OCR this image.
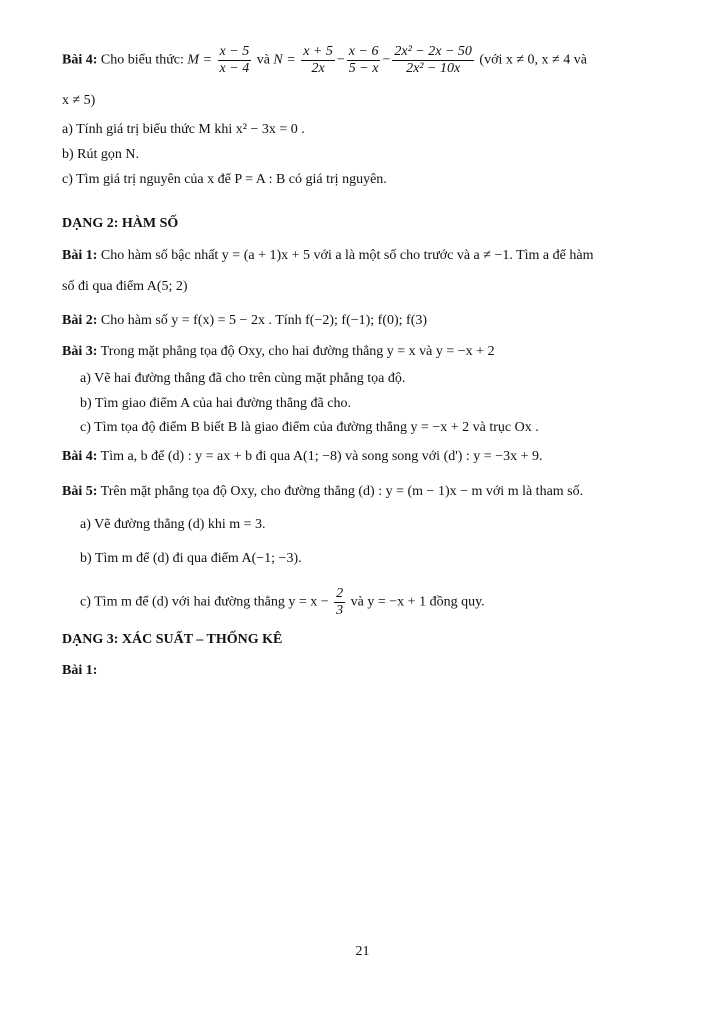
Bài 4: Cho biểu thức: $M = \frac{x - 5}{x - 4}$ và $N = \frac{x + 5}{2x} - \frac{x - 6}{5 - x} - \frac{\text{2x² − 2x − 50}}{\text{2x² − 10x}}$ (với x ≠ 0, x ≠ 4 và
x ≠ 5)
a) Tính giá trị biểu thức M khi x² − 3x = 0 .
b) Rút gọn N.
c) Tìm giá trị nguyên của x để P = A : B có giá trị nguyên.
DẠNG 2: HÀM SỐ
Bài 1: Cho hàm số bậc nhất y = (a + 1)x + 5 với a là một số cho trước và a ≠ −1. Tìm a để hàm
số đi qua điểm A(5; 2)
Bài 2: Cho hàm số y = f(x) = 5 − 2x . Tính f(−2); f(−1); f(0); f(3)
Bài 3: Trong mặt phẳng tọa độ Oxy, cho hai đường thẳng y = x và y = −x + 2
a) Vẽ hai đường thẳng đã cho trên cùng mặt phẳng tọa độ.
b) Tìm giao điểm A của hai đường thẳng đã cho.
c) Tìm tọa độ điểm B biết B là giao điểm của đường thẳng y = −x + 2 và trục Ox .
Bài 4: Tìm a, b để (d) : y = ax + b đi qua A(1; −8) và song song với (d') : y = −3x + 9.
Bài 5: Trên mặt phẳng tọa độ Oxy, cho đường thẳng (d) : y = (m − 1)x − m với m là tham số.
a) Vẽ đường thẳng (d) khi m = 3.
b) Tìm m để (d) đi qua điểm A(−1; −3).
c) Tìm m để (d) với hai đường thẳng $y = x - \frac{2}{3}$ và y = −x + 1 đồng quy.
DẠNG 3: XÁC SUẤT – THỐNG KÊ
Bài 1:
21
